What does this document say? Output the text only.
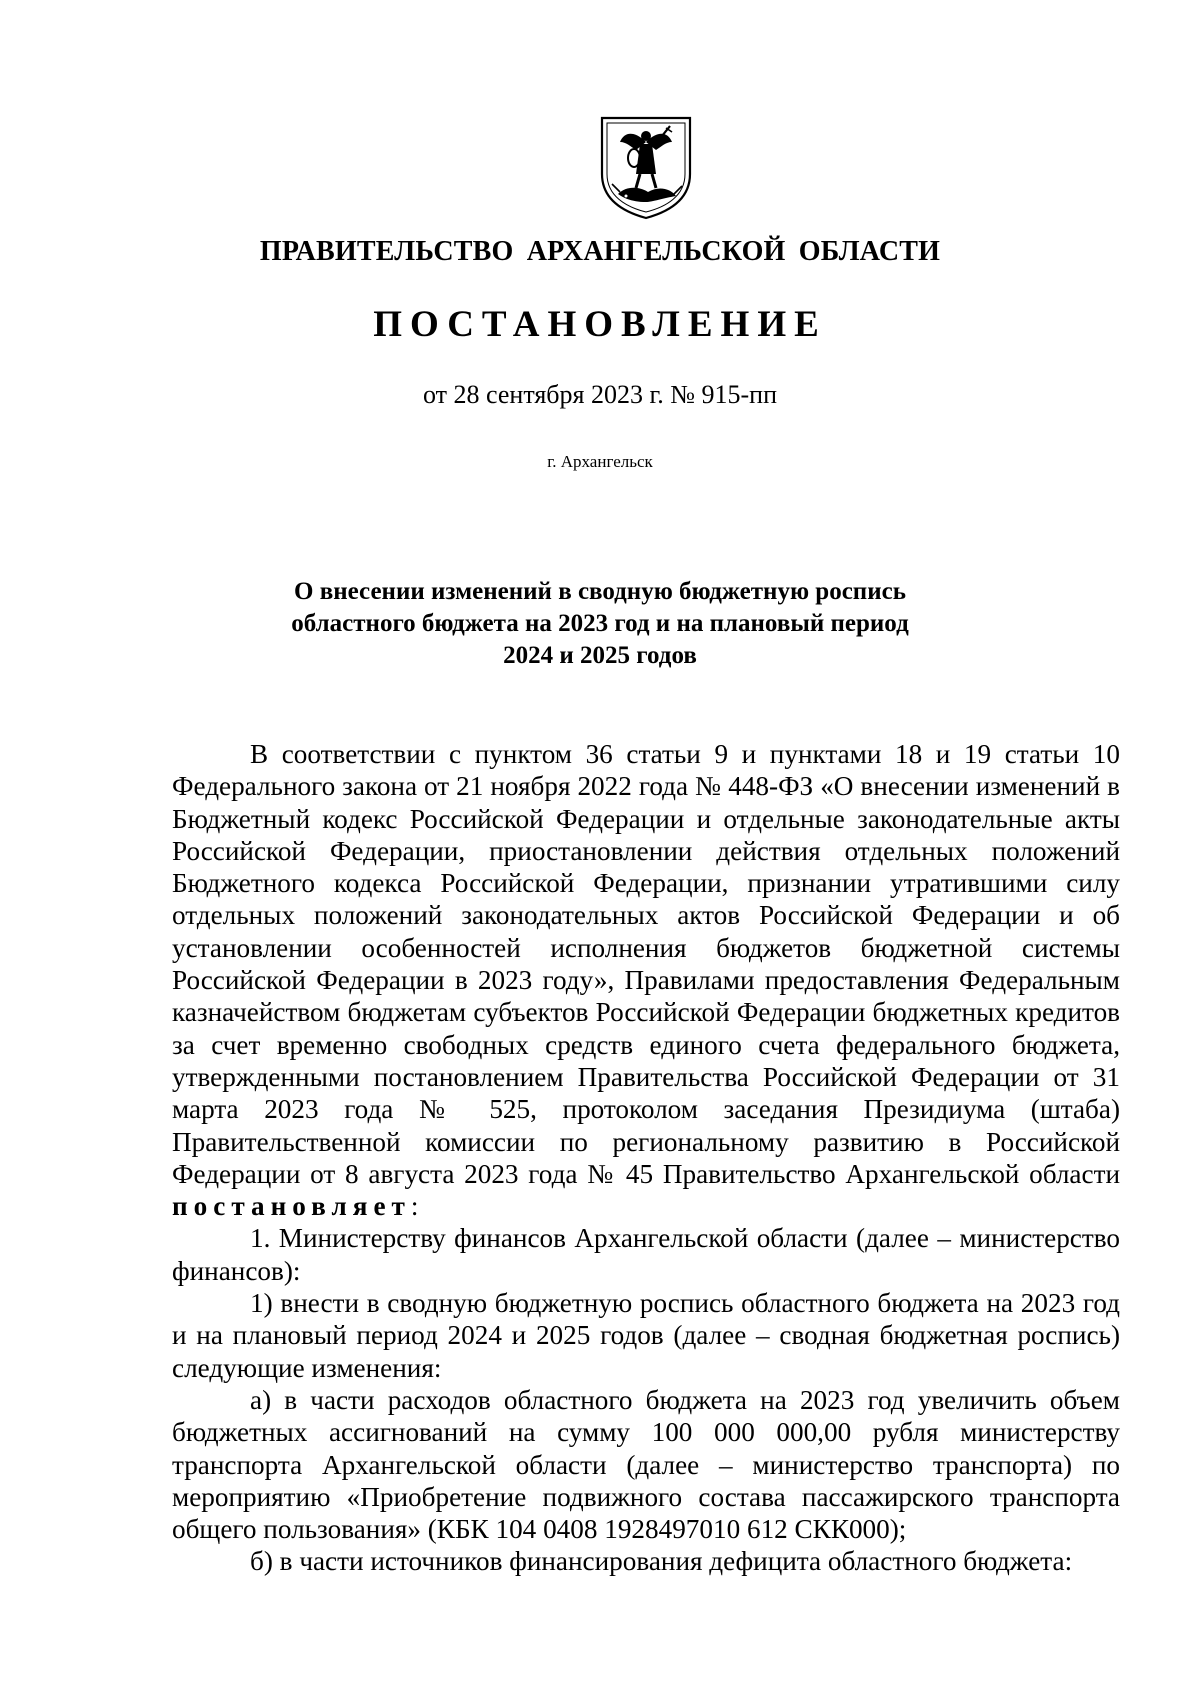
ПРАВИТЕЛЬСТВО АРХАНГЕЛЬСКОЙ ОБЛАСТИ

ПОСТАНОВЛЕНИЕ

от 28 сентября 2023 г. № 915-пп

г. Архангельск

О внесении изменений в сводную бюджетную роспись
областного бюджета на 2023 год и на плановый период
2024 и 2025 годов

В соответствии с пунктом 36 статьи 9 и пунктами 18 и 19 статьи 10 Федерального закона от 21 ноября 2022 года № 448-ФЗ «О внесении изменений в Бюджетный кодекс Российской Федерации и отдельные законодательные акты Российской Федерации, приостановлении действия отдельных положений Бюджетного кодекса Российской Федерации, признании утратившими силу отдельных положений законодательных актов Российской Федерации и об установлении особенностей исполнения бюджетов бюджетной системы Российской Федерации в 2023 году», Правилами предоставления Федеральным казначейством бюджетам субъектов Российской Федерации бюджетных кредитов за счет временно свободных средств единого счета федерального бюджета, утвержденными постановлением Правительства Российской Федерации от 31 марта 2023 года № 525, протоколом заседания Президиума (штаба) Правительственной комиссии по региональному развитию в Российской Федерации от 8 августа 2023 года № 45 Правительство Архангельской области постановляет:

1. Министерству финансов Архангельской области (далее – министерство финансов):

1) внести в сводную бюджетную роспись областного бюджета на 2023 год и на плановый период 2024 и 2025 годов (далее – сводная бюджетная роспись) следующие изменения:

а) в части расходов областного бюджета на 2023 год увеличить объем бюджетных ассигнований на сумму 100 000 000,00 рубля министерству транспорта Архангельской области (далее – министерство транспорта) по мероприятию «Приобретение подвижного состава пассажирского транспорта общего пользования» (КБК 104 0408 1928497010 612 СКК000);

б) в части источников финансирования дефицита областного бюджета:
